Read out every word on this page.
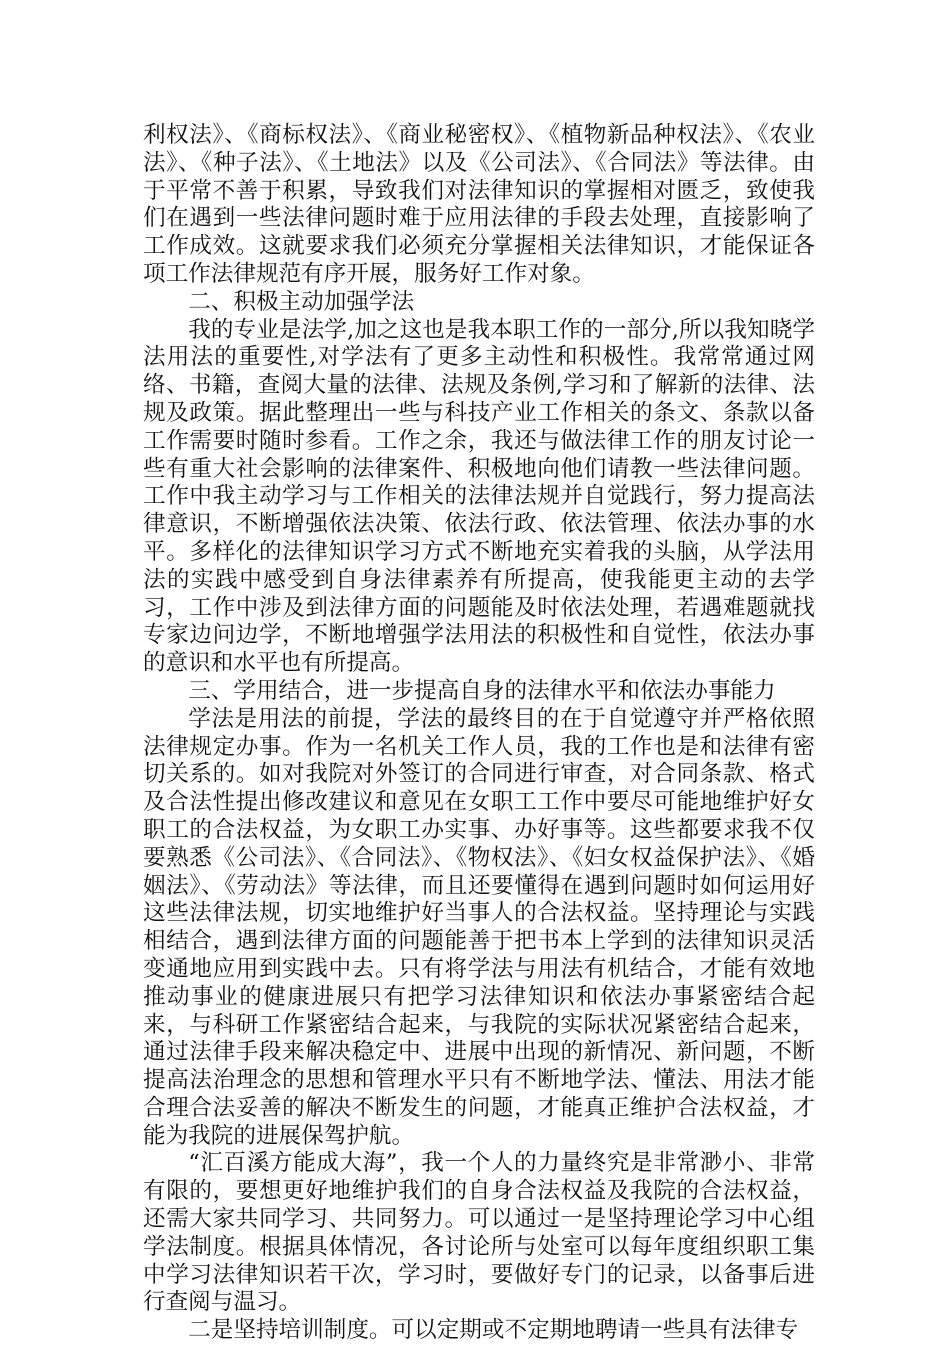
利权法》、《商标权法》、《商业秘密权》、《植物新品种权法》、《农业法》、《种子法》、《土地法》以及《公司法》、《合同法》等法律。由于平常不善于积累，导致我们对法律知识的掌握相对匮乏，致使我们在遇到一些法律问题时难于应用法律的手段去处理，直接影响了工作成效。这就要求我们必须充分掌握相关法律知识，才能保证各项工作法律规范有序开展，服务好工作对象。

二、积极主动加强学法

我的专业是法学,加之这也是我本职工作的一部分,所以我知晓学法用法的重要性,对学法有了更多主动性和积极性。我常常通过网络、书籍，查阅大量的法律、法规及条例,学习和了解新的法律、法规及政策。据此整理出一些与科技产业工作相关的条文、条款以备工作需要时随时参看。工作之余，我还与做法律工作的朋友讨论一些有重大社会影响的法律案件、积极地向他们请教一些法律问题。工作中我主动学习与工作相关的法律法规并自觉践行，努力提高法律意识，不断增强依法决策、依法行政、依法管理、依法办事的水平。多样化的法律知识学习方式不断地充实着我的头脑，从学法用法的实践中感受到自身法律素养有所提高，使我能更主动的去学习，工作中涉及到法律方面的问题能及时依法处理，若遇难题就找专家边问边学，不断地增强学法用法的积极性和自觉性，依法办事的意识和水平也有所提高。

三、学用结合，进一步提高自身的法律水平和依法办事能力

学法是用法的前提，学法的最终目的在于自觉遵守并严格依照法律规定办事。作为一名机关工作人员，我的工作也是和法律有密切关系的。如对我院对外签订的合同进行审查，对合同条款、格式及合法性提出修改建议和意见在女职工工作中要尽可能地维护好女职工的合法权益，为女职工办实事、办好事等。这些都要求我不仅要熟悉《公司法》、《合同法》、《物权法》、《妇女权益保护法》、《婚姻法》、《劳动法》等法律，而且还要懂得在遇到问题时如何运用好这些法律法规，切实地维护好当事人的合法权益。坚持理论与实践相结合，遇到法律方面的问题能善于把书本上学到的法律知识灵活变通地应用到实践中去。只有将学法与用法有机结合，才能有效地推动事业的健康进展只有把学习法律知识和依法办事紧密结合起来，与科研工作紧密结合起来，与我院的实际状况紧密结合起来，通过法律手段来解决稳定中、进展中出现的新情况、新问题，不断提高法治理念的思想和管理水平只有不断地学法、懂法、用法才能合理合法妥善的解决不断发生的问题，才能真正维护合法权益，才能为我院的进展保驾护航。

“汇百溪方能成大海”，我一个人的力量终究是非常渺小、非常有限的，要想更好地维护我们的自身合法权益及我院的合法权益，还需大家共同学习、共同努力。可以通过一是坚持理论学习中心组学法制度。根据具体情况，各讨论所与处室可以每年度组织职工集中学习法律知识若干次，学习时，要做好专门的记录，以备事后进行查阅与温习。

二是坚持培训制度。可以定期或不定期地聘请一些具有法律专
